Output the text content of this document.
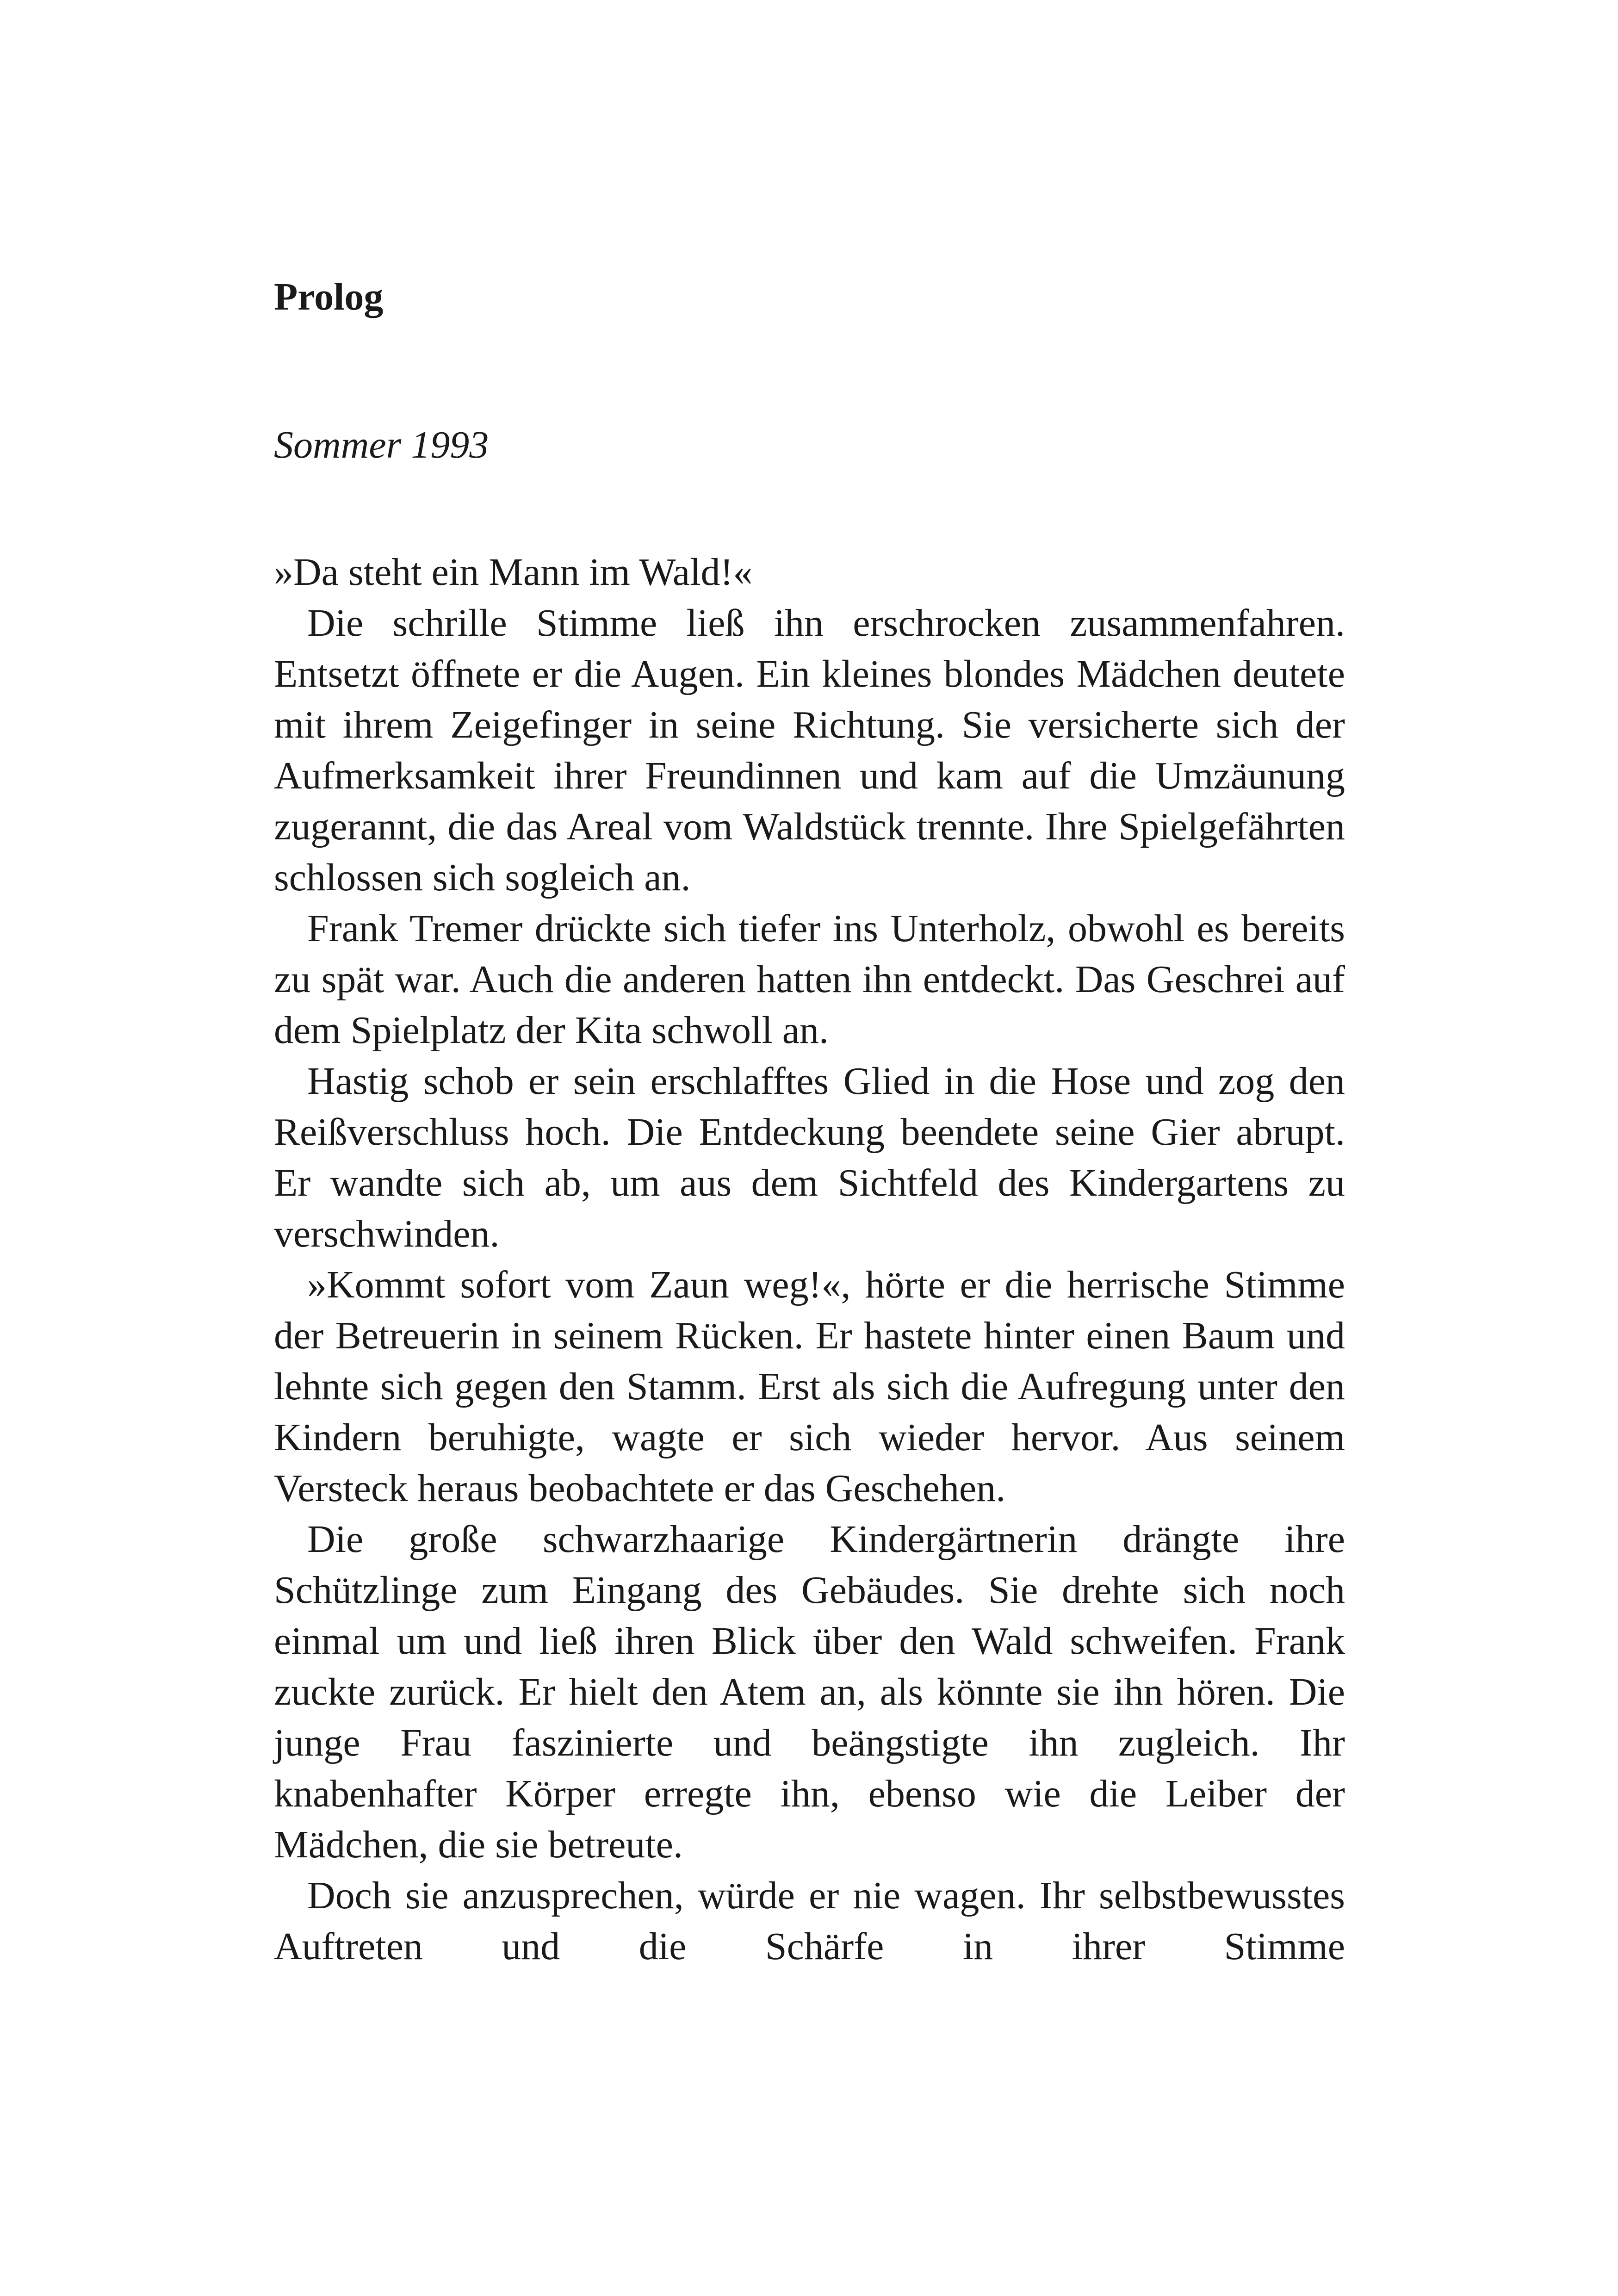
Prolog

Sommer 1993

»Da steht ein Mann im Wald!«

Die schrille Stimme ließ ihn erschrocken zusammenfahren. Entsetzt öffnete er die Augen. Ein kleines blondes Mädchen deutete mit ihrem Zeigefinger in seine Richtung. Sie versicherte sich der Aufmerksamkeit ihrer Freundinnen und kam auf die Umzäunung zugerannt, die das Areal vom Waldstück trennte. Ihre Spielgefährten schlossen sich sogleich an.

Frank Tremer drückte sich tiefer ins Unterholz, obwohl es bereits zu spät war. Auch die anderen hatten ihn entdeckt. Das Geschrei auf dem Spielplatz der Kita schwoll an.

Hastig schob er sein erschlafftes Glied in die Hose und zog den Reißverschluss hoch. Die Entdeckung beendete seine Gier abrupt. Er wandte sich ab, um aus dem Sichtfeld des Kindergartens zu verschwinden.

»Kommt sofort vom Zaun weg!«, hörte er die herrische Stimme der Betreuerin in seinem Rücken. Er hastete hinter einen Baum und lehnte sich gegen den Stamm. Erst als sich die Aufregung unter den Kindern beruhigte, wagte er sich wieder hervor. Aus seinem Versteck heraus beobachtete er das Geschehen.

Die große schwarzhaarige Kindergärtnerin drängte ihre Schützlinge zum Eingang des Gebäudes. Sie drehte sich noch einmal um und ließ ihren Blick über den Wald schweifen. Frank zuckte zurück. Er hielt den Atem an, als könnte sie ihn hören. Die junge Frau faszinierte und beängstigte ihn zugleich. Ihr knabenhafter Körper erregte ihn, ebenso wie die Leiber der Mädchen, die sie betreute.

Doch sie anzusprechen, würde er nie wagen. Ihr selbstbewusstes Auftreten und die Schärfe in ihrer Stimme
